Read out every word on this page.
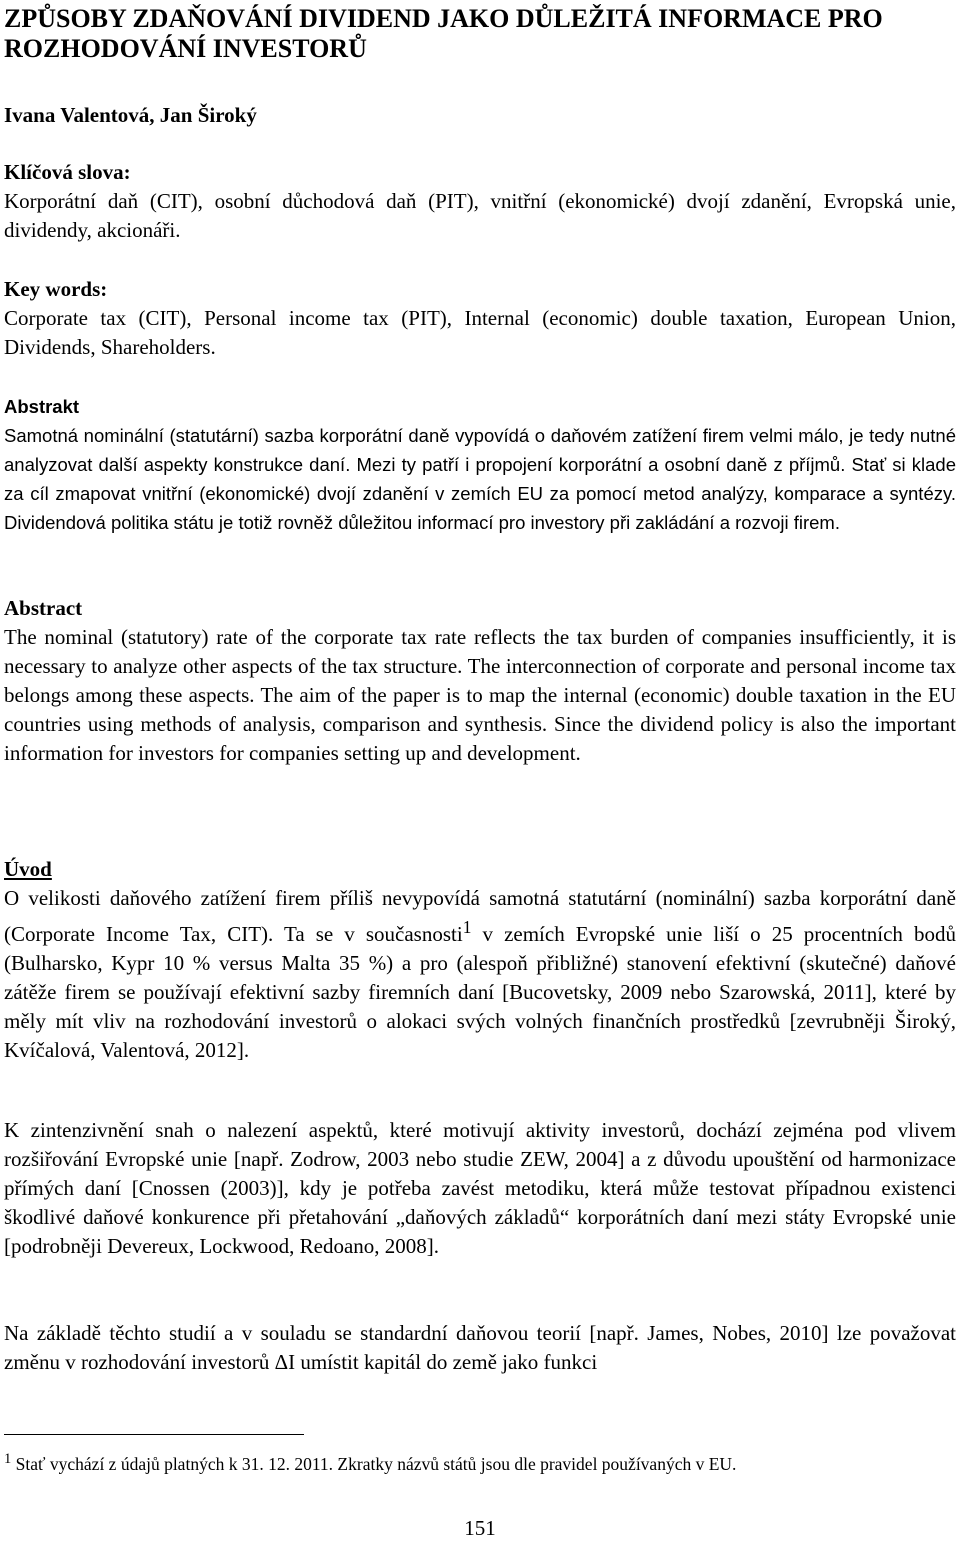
ZPŮSOBY ZDAŇOVÁNÍ DIVIDEND JAKO DŮLEŽITÁ INFORMACE PRO ROZHODOVÁNÍ INVESTORŮ

Ivana Valentová, Jan Široký

Klíčová slova:
Korporátní daň (CIT), osobní důchodová daň (PIT), vnitřní (ekonomické) dvojí zdanění, Evropská unie, dividendy, akcionáři.
Key words:
Corporate tax (CIT), Personal income tax (PIT), Internal (economic) double taxation, European Union, Dividends, Shareholders.
Abstrakt
Samotná nominální (statutární) sazba korporátní daně vypovídá o daňovém zatížení firem velmi málo, je tedy nutné analyzovat další aspekty konstrukce daní. Mezi ty patří i propojení korporátní a osobní daně z příjmů. Stať si klade za cíl zmapovat vnitřní (ekonomické) dvojí zdanění v zemích EU za pomocí metod analýzy, komparace a syntézy. Dividendová politika státu je totiž rovněž důležitou informací pro investory při zakládání a rozvoji firem.
Abstract
The nominal (statutory) rate of the corporate tax rate reflects the tax burden of companies insufficiently, it is necessary to analyze other aspects of the tax structure. The interconnection of corporate and personal income tax belongs among these aspects. The aim of the paper is to map the internal (economic) double taxation in the EU countries using methods of analysis, comparison and synthesis. Since the dividend policy is also the important information for investors for companies setting up and development.
Úvod
O velikosti daňového zatížení firem příliš nevypovídá samotná statutární (nominální) sazba korporátní daně (Corporate Income Tax, CIT). Ta se v současnosti$^1$ v zemích Evropské unie liší o 25 procentních bodů (Bulharsko, Kypr 10 % versus Malta 35 %) a pro (alespoň přibližné) stanovení efektivní (skutečné) daňové zátěže firem se používají efektivní sazby firemních daní [Bucovetsky, 2009 nebo Szarowská, 2011], které by měly mít vliv na rozhodování investorů o alokaci svých volných finančních prostředků [zevrubněji Široký, Kvíčalová, Valentová, 2012].

K zintenzivnění snah o nalezení aspektů, které motivují aktivity investorů, dochází zejména pod vlivem rozšiřování Evropské unie [např. Zodrow, 2003 nebo studie ZEW, 2004] a z důvodu upouštění od harmonizace přímých daní [Cnossen (2003)], kdy je potřeba zavést metodiku, která může testovat případnou existenci škodlivé daňové konkurence při přetahování „daňových základů“ korporátních daní mezi státy Evropské unie [podrobněji Devereux, Lockwood, Redoano, 2008].

Na základě těchto studií a v souladu se standardní daňovou teorií [např. James, Nobes, 2010] lze považovat změnu v rozhodování investorů ΔI umístit kapitál do země jako funkci

$^1$ Stať vychází z údajů platných k 31. 12. 2011. Zkratky názvů států jsou dle pravidel používaných v EU.

151
